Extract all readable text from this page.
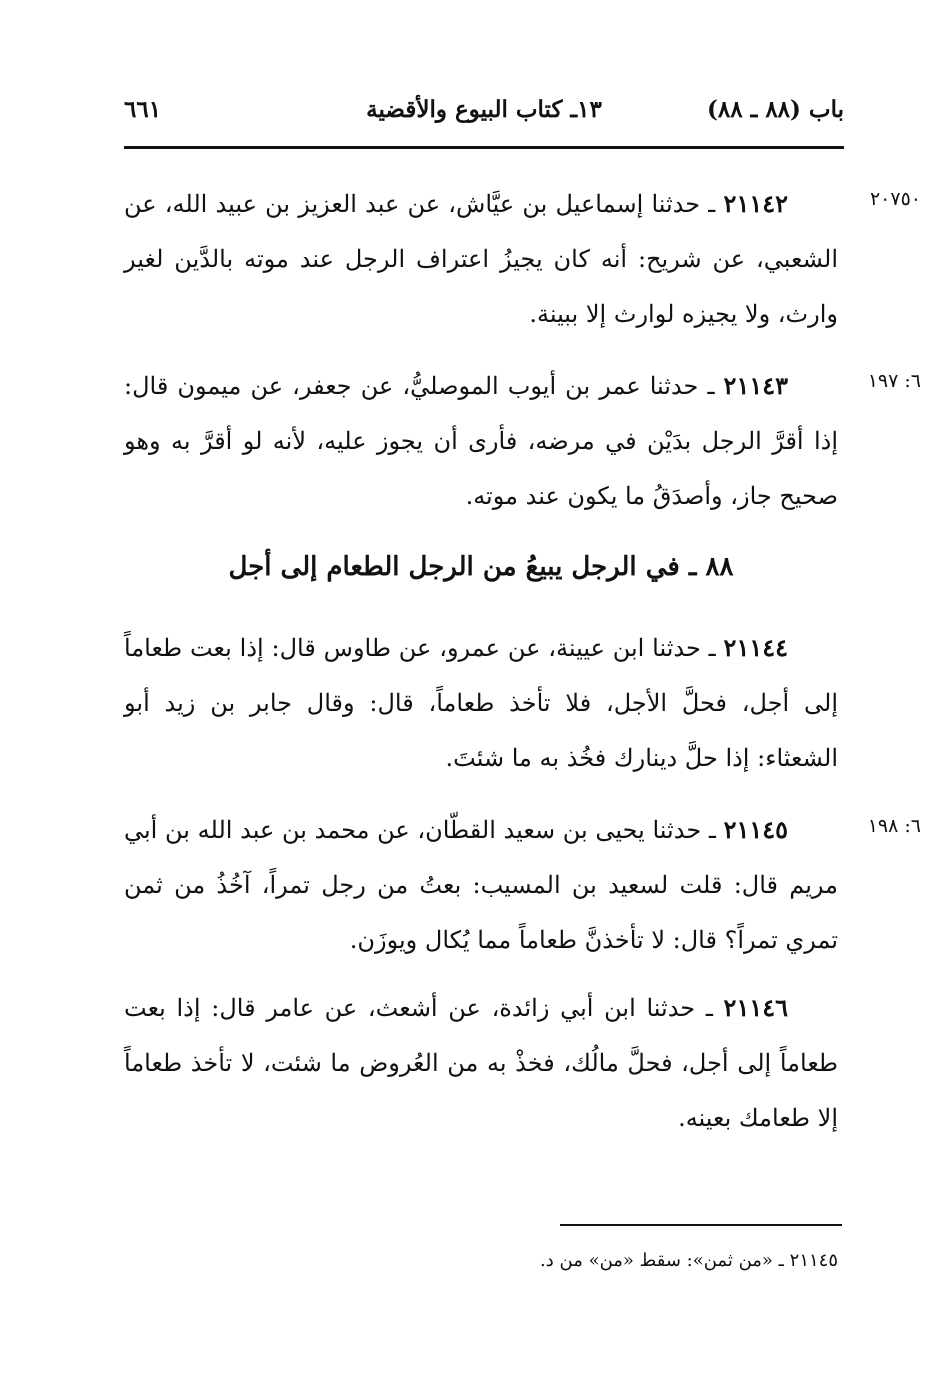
باب (٨٨ ـ ٨٨)
١٣ـ كتاب البيوع والأقضية
٦٦١
٢٠٧٥٠
٢١١٤٢ ـ حدثنا إسماعيل بن عيَّاش، عن عبد العزيز بن عبيد الله، عن الشعبي، عن شريح: أنه كان يجيزُ اعتراف الرجل عند موته بالدَّين لغير وارث، ولا يجيزه لوارث إلا ببينة.
٦: ١٩٧
٢١١٤٣ ـ حدثنا عمر بن أيوب الموصليُّ، عن جعفر، عن ميمون قال: إذا أقرَّ الرجل بدَيْن في مرضه، فأرى أن يجوز عليه، لأنه لو أقرَّ به وهو صحيح جاز، وأصدَقُ ما يكون عند موته.
٨٨ ـ في الرجل يبيعُ من الرجل الطعام إلى أجل
٢١١٤٤ ـ حدثنا ابن عيينة، عن عمرو، عن طاوس قال: إذا بعت طعاماً إلى أجل، فحلَّ الأجل، فلا تأخذ طعاماً، قال: وقال جابر بن زيد أبو الشعثاء: إذا حلَّ دينارك فخُذ به ما شئتَ.
٦: ١٩٨
٢١١٤٥ ـ حدثنا يحيى بن سعيد القطّان، عن محمد بن عبد الله بن أبي مريم قال: قلت لسعيد بن المسيب: بعتُ من رجل تمراً، آخُذُ من ثمن تمري تمراً؟ قال: لا تأخذنَّ طعاماً مما يُكال ويوزَن.
٢١١٤٦ ـ حدثنا ابن أبي زائدة، عن أشعث، عن عامر قال: إذا بعت طعاماً إلى أجل، فحلَّ مالُك، فخذْ به من العُروض ما شئت، لا تأخذ طعاماً إلا طعامك بعينه.
٢١١٤٥ ـ «من ثمن»: سقط «من» من د.
